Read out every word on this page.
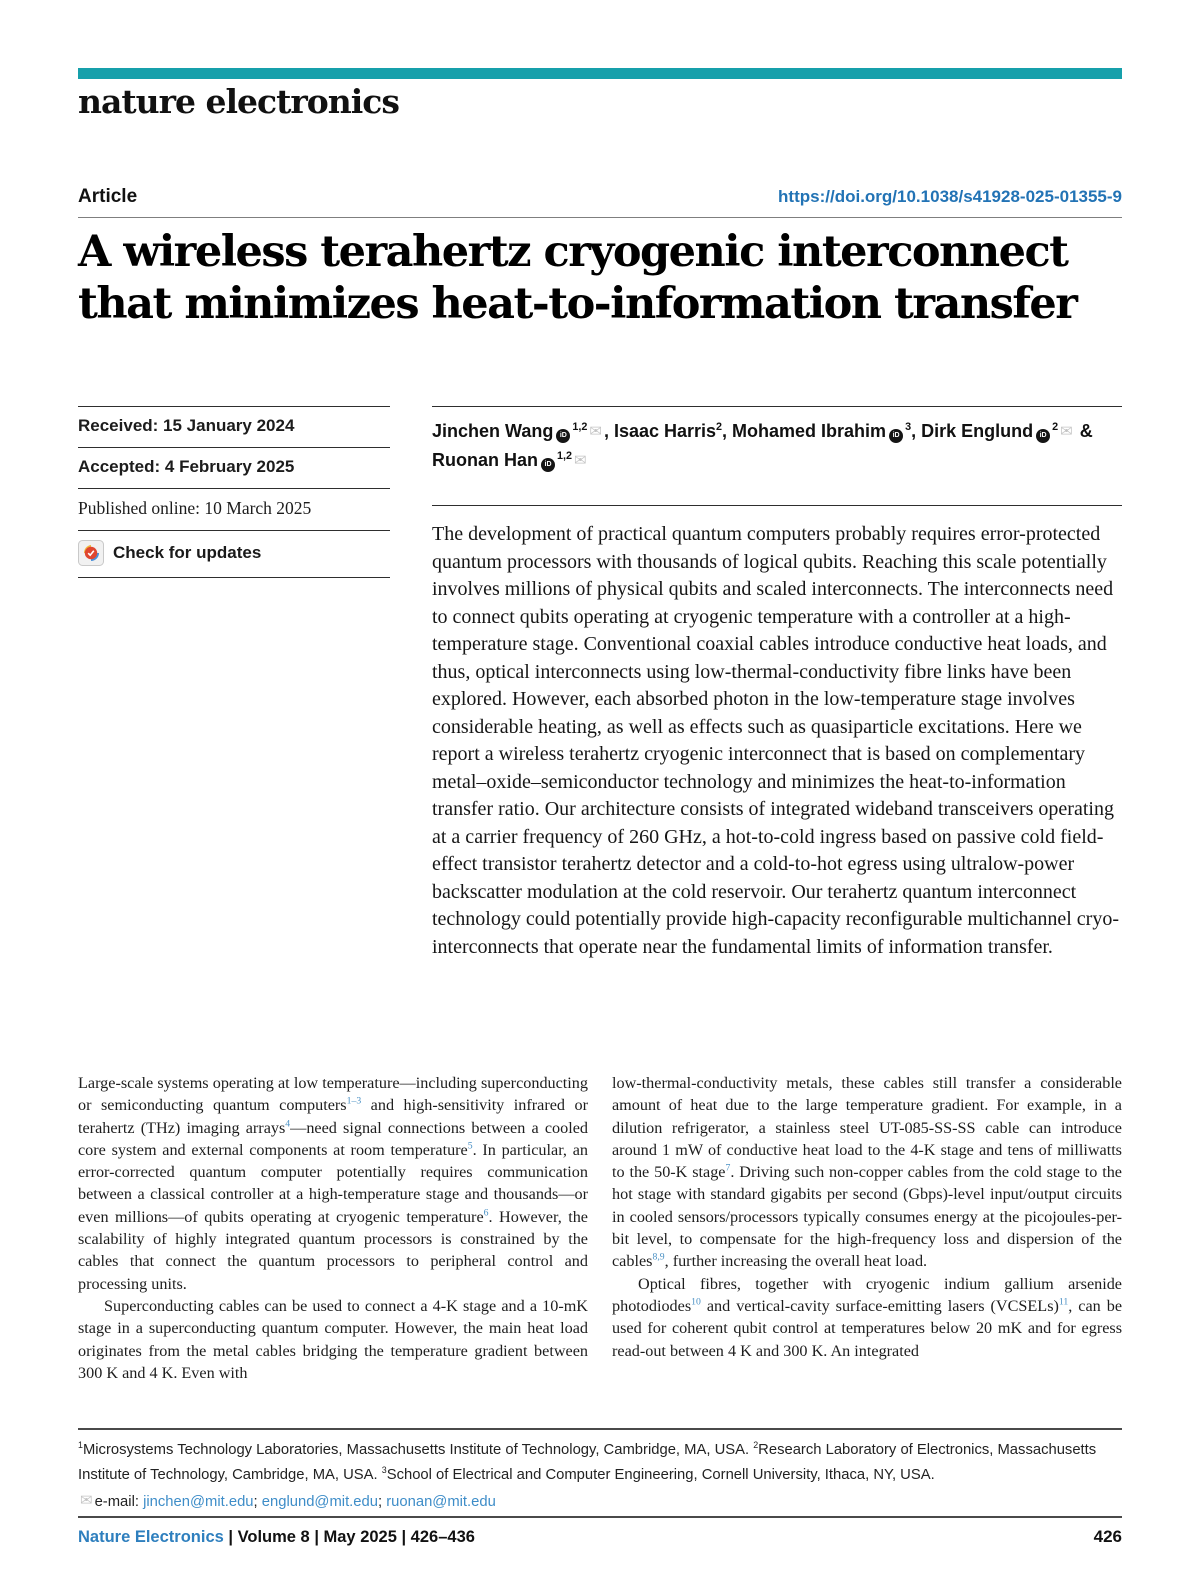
nature electronics
Article	https://doi.org/10.1038/s41928-025-01355-9
A wireless terahertz cryogenic interconnect
that minimizes heat-to-information transfer
Received: 15 January 2024
Accepted: 4 February 2025
Published online: 10 March 2025
Check for updates
Jinchen Wang iD$^{1,2}$ ✉ , Isaac Harris$^2$, Mohamed Ibrahim $iD^3$, Dirk Englund $iD^2$ ✉ & Ruonan Han iD$^{1,2}$ ✉

The development of practical quantum computers probably requires error-protected quantum processors with thousands of logical qubits. Reaching this scale potentially involves millions of physical qubits and scaled interconnects. The interconnects need to connect qubits operating at cryogenic temperature with a controller at a high-temperature stage. Conventional coaxial cables introduce conductive heat loads, and thus, optical interconnects using low-thermal-conductivity fibre links have been explored. However, each absorbed photon in the low-temperature stage involves considerable heating, as well as effects such as quasiparticle excitations. Here we report a wireless terahertz cryogenic interconnect that is based on complementary metal–oxide–semiconductor technology and minimizes the heat-to-information transfer ratio. Our architecture consists of integrated wideband transceivers operating at a carrier frequency of 260 GHz, a hot-to-cold ingress based on passive cold field-effect transistor terahertz detector and a cold-to-hot egress using ultralow-power backscatter modulation at the cold reservoir. Our terahertz quantum interconnect technology could potentially provide high-capacity reconfigurable multichannel cryo-interconnects that operate near the fundamental limits of information transfer.

Large-scale systems operating at low temperature—including superconducting or semiconducting quantum computers$^{1-3}$ and high-sensitivity infrared or terahertz (THz) imaging arrays$^4$—need signal connections between a cooled core system and external components at room temperature$^5$. In particular, an error-corrected quantum computer potentially requires communication between a classical controller at a high-temperature stage and thousands—or even millions—of qubits operating at cryogenic temperature$^6$. However, the scalability of highly integrated quantum processors is constrained by the cables that connect the quantum processors to peripheral control and processing units.

Superconducting cables can be used to connect a 4-K stage and a 10-mK stage in a superconducting quantum computer. However, the main heat load originates from the metal cables bridging the temperature gradient between 300 K and 4 K. Even with

low-thermal-conductivity metals, these cables still transfer a considerable amount of heat due to the large temperature gradient. For example, in a dilution refrigerator, a stainless steel UT-085-SS-SS cable can introduce around 1 mW of conductive heat load to the 4-K stage and tens of milliwatts to the 50-K stage$^7$. Driving such non-copper cables from the cold stage to the hot stage with standard gigabits per second (Gbps)-level input/output circuits in cooled sensors/processors typically consumes energy at the picojoules-per-bit level, to compensate for the high-frequency loss and dispersion of the cables$^{8,9}$, further increasing the overall heat load.

Optical fibres, together with cryogenic indium gallium arsenide photodiodes$^{10}$ and vertical-cavity surface-emitting lasers (VCSELs)$^{11}$, can be used for coherent qubit control at temperatures below 20 mK and for egress read-out between 4 K and 300 K. An integrated

$^1$Microsystems Technology Laboratories, Massachusetts Institute of Technology, Cambridge, MA, USA. $^2$Research Laboratory of Electronics, Massachusetts Institute of Technology, Cambridge, MA, USA. $^3$School of Electrical and Computer Engineering, Cornell University, Ithaca, NY, USA.

✉ e-mail: jinchen@mit.edu; englund@mit.edu; ruonan@mit.edu

Nature Electronics | Volume 8 | May 2025 | 426–436	426
